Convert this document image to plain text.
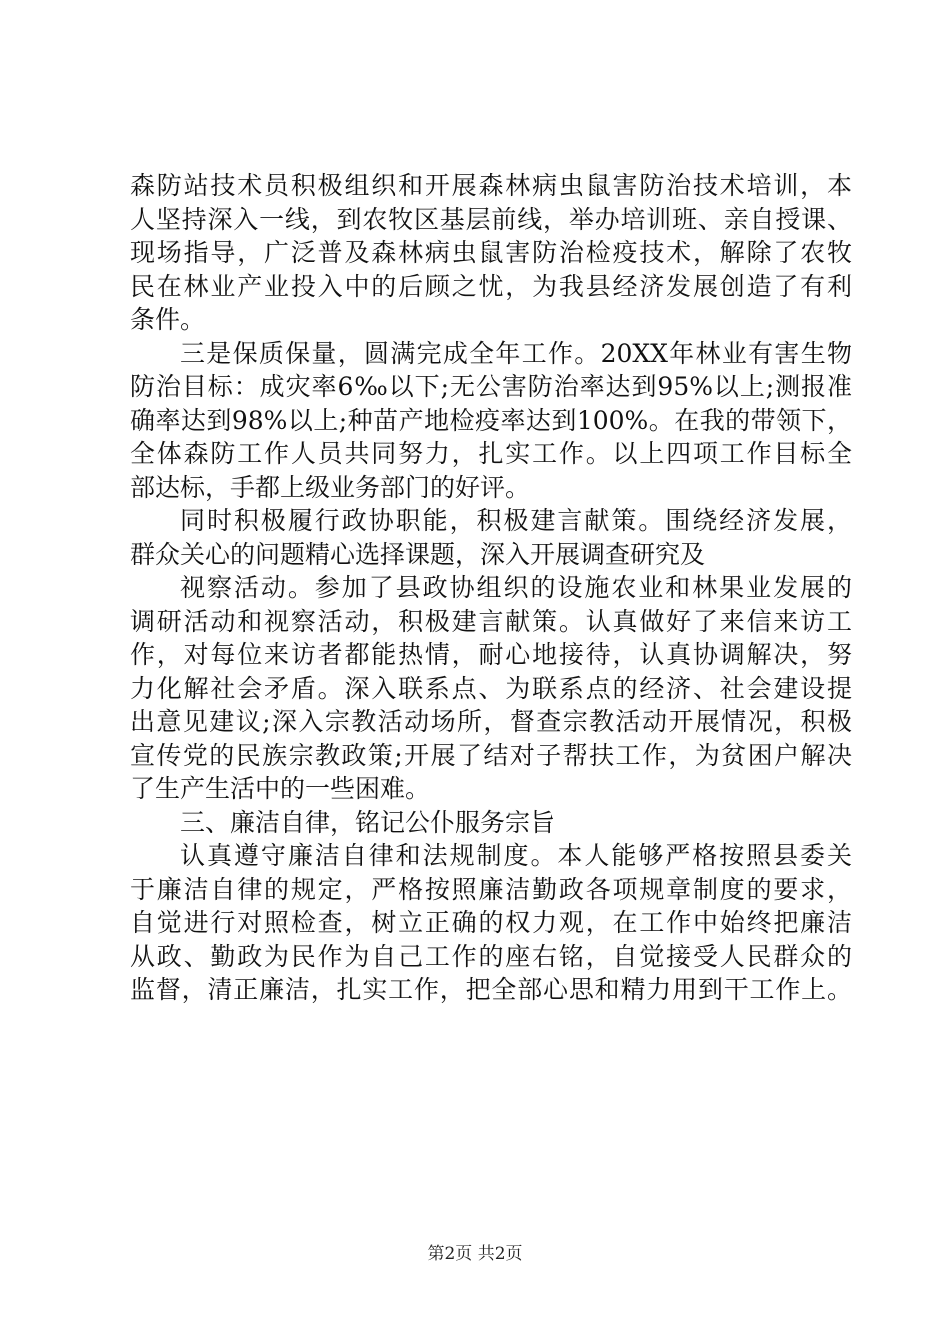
森防站技术员积极组织和开展森林病虫鼠害防治技术培训，本
人坚持深入一线，到农牧区基层前线，举办培训班、亲自授课、
现场指导，广泛普及森林病虫鼠害防治检疫技术，解除了农牧
民在林业产业投入中的后顾之忧，为我县经济发展创造了有利
条件。
三是保质保量，圆满完成全年工作。20XX年林业有害生物
防治目标：成灾率6‰以下;无公害防治率达到95%以上;测报准
确率达到98%以上;种苗产地检疫率达到100%。在我的带领下，
全体森防工作人员共同努力，扎实工作。以上四项工作目标全
部达标，手都上级业务部门的好评。
同时积极履行政协职能，积极建言献策。围绕经济发展，
群众关心的问题精心选择课题，深入开展调查研究及
视察活动。参加了县政协组织的设施农业和林果业发展的
调研活动和视察活动，积极建言献策。认真做好了来信来访工
作，对每位来访者都能热情，耐心地接待，认真协调解决，努
力化解社会矛盾。深入联系点、为联系点的经济、社会建设提
出意见建议;深入宗教活动场所，督查宗教活动开展情况，积极
宣传党的民族宗教政策;开展了结对子帮扶工作，为贫困户解决
了生产生活中的一些困难。
三、廉洁自律，铭记公仆服务宗旨
认真遵守廉洁自律和法规制度。本人能够严格按照县委关
于廉洁自律的规定，严格按照廉洁勤政各项规章制度的要求，
自觉进行对照检查，树立正确的权力观，在工作中始终把廉洁
从政、勤政为民作为自己工作的座右铭，自觉接受人民群众的
监督，清正廉洁，扎实工作，把全部心思和精力用到干工作上。
第2页 共2页
